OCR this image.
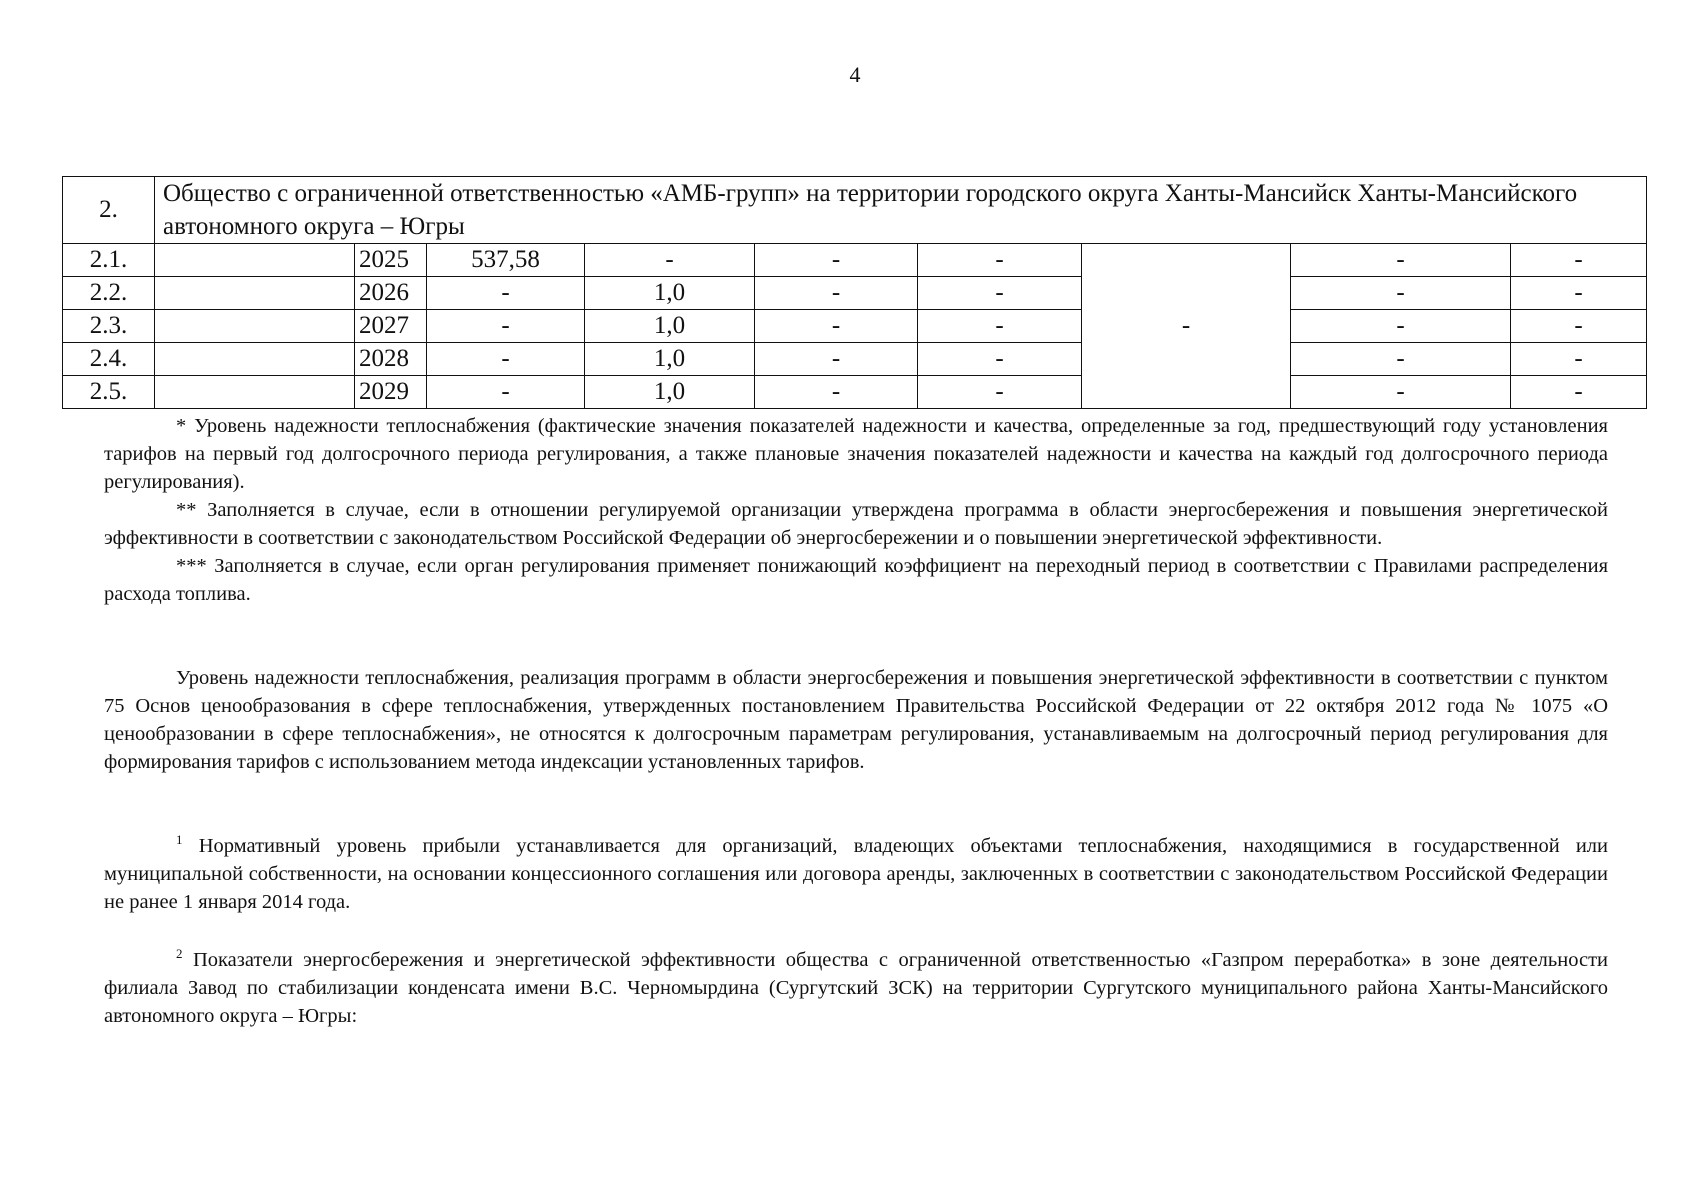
4
2.	Общество с ограниченной ответственностью «АМБ-групп» на территории городского округа Ханты-Мансийск Ханты-Мансийского автономного округа – Югры								
2.1.		2025	537,58	-	-	-	-	-	-
2.2.		2026	-	1,0	-	-		-	-
2.3.		2027	-	1,0	-	-		-	-
2.4.		2028	-	1,0	-	-		-	-
2.5.		2029	-	1,0	-	-		-	-

* Уровень надежности теплоснабжения (фактические значения показателей надежности и качества, определенные за год, предшествующий году установления тарифов на первый год долгосрочного периода регулирования, а также плановые значения показателей надежности и качества на каждый год долгосрочного периода регулирования).

** Заполняется в случае, если в отношении регулируемой организации утверждена программа в области энергосбережения и повышения энергетической эффективности в соответствии с законодательством Российской Федерации об энергосбережении и о повышении энергетической эффективности.

*** Заполняется в случае, если орган регулирования применяет понижающий коэффициент на переходный период в соответствии с Правилами распределения расхода топлива.

Уровень надежности теплоснабжения, реализация программ в области энергосбережения и повышения энергетической эффективности в соответствии с пунктом 75 Основ ценообразования в сфере теплоснабжения, утвержденных постановлением Правительства Российской Федерации от 22 октября 2012 года № 1075 «О ценообразовании в сфере теплоснабжения», не относятся к долгосрочным параметрам регулирования, устанавливаемым на долгосрочный период регулирования для формирования тарифов с использованием метода индексации установленных тарифов.

$^1$ Нормативный уровень прибыли устанавливается для организаций, владеющих объектами теплоснабжения, находящимися в государственной или муниципальной собственности, на основании концессионного соглашения или договора аренды, заключенных в соответствии с законодательством Российской Федерации не ранее 1 января 2014 года.

$^2$ Показатели энергосбережения и энергетической эффективности общества с ограниченной ответственностью «Газпром переработка» в зоне деятельности филиала Завод по стабилизации конденсата имени В.С. Черномырдина (Сургутский ЗСК) на территории Сургутского муниципального района Ханты-Мансийского автономного округа – Югры:
